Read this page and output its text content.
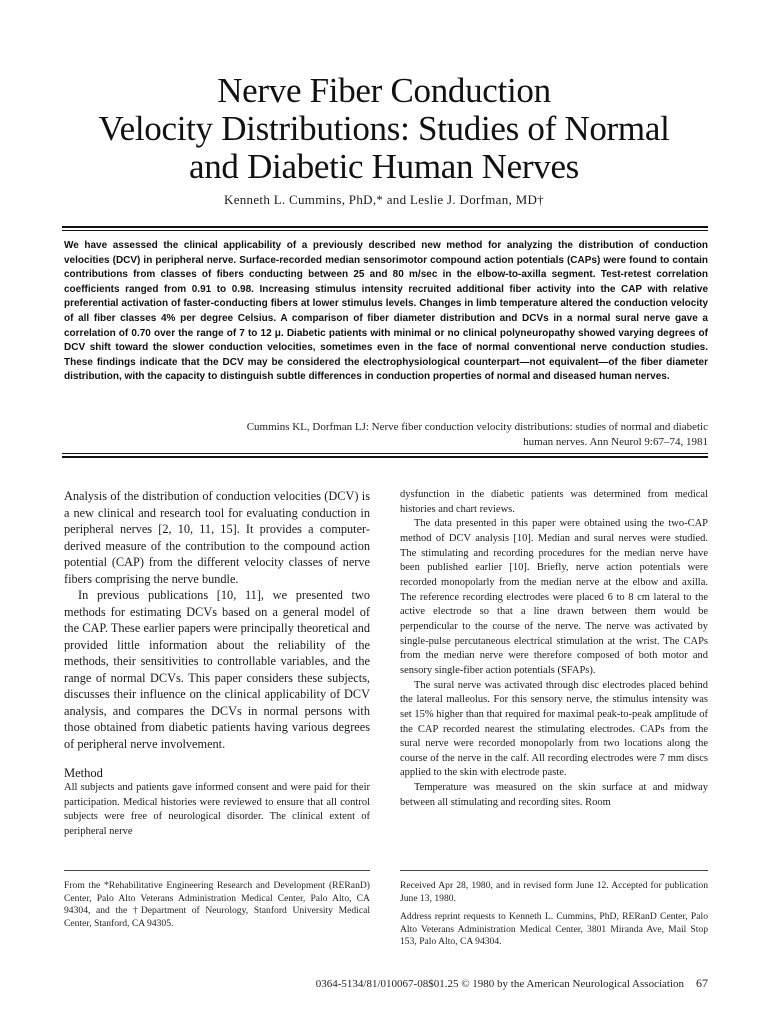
Nerve Fiber Conduction
Velocity Distributions: Studies of Normal
and Diabetic Human Nerves
Kenneth L. Cummins, PhD,* and Leslie J. Dorfman, MD†
We have assessed the clinical applicability of a previously described new method for analyzing the distribution of conduction velocities (DCV) in peripheral nerve. Surface-recorded median sensorimotor compound action potentials (CAPs) were found to contain contributions from classes of fibers conducting between 25 and 80 m/sec in the elbow-to-axilla segment. Test-retest correlation coefficients ranged from 0.91 to 0.98. Increasing stimulus intensity recruited additional fiber activity into the CAP with relative preferential activation of faster-conducting fibers at lower stimulus levels. Changes in limb temperature altered the conduction velocity of all fiber classes 4% per degree Celsius. A comparison of fiber diameter distribution and DCVs in a normal sural nerve gave a correlation of 0.70 over the range of 7 to 12 μ. Diabetic patients with minimal or no clinical polyneuropathy showed varying degrees of DCV shift toward the slower conduction velocities, sometimes even in the face of normal conventional nerve conduction studies. These findings indicate that the DCV may be considered the electrophysiological counterpart—not equivalent—of the fiber diameter distribution, with the capacity to distinguish subtle differences in conduction properties of normal and diseased human nerves.
Cummins KL, Dorfman LJ: Nerve fiber conduction velocity distributions: studies of normal and diabetic
human nerves. Ann Neurol 9:67–74, 1981

Analysis of the distribution of conduction velocities (DCV) is a new clinical and research tool for evaluating conduction in peripheral nerves [2, 10, 11, 15]. It provides a computer-derived measure of the contribution to the compound action potential (CAP) from the different velocity classes of nerve fibers comprising the nerve bundle.

In previous publications [10, 11], we presented two methods for estimating DCVs based on a general model of the CAP. These earlier papers were principally theoretical and provided little information about the reliability of the methods, their sensitivities to controllable variables, and the range of normal DCVs. This paper considers these subjects, discusses their influence on the clinical applicability of DCV analysis, and compares the DCVs in normal persons with those obtained from diabetic patients having various degrees of peripheral nerve involvement.

Method

All subjects and patients gave informed consent and were paid for their participation. Medical histories were reviewed to ensure that all control subjects were free of neurological disorder. The clinical extent of peripheral nerve

dysfunction in the diabetic patients was determined from medical histories and chart reviews.

The data presented in this paper were obtained using the two-CAP method of DCV analysis [10]. Median and sural nerves were studied. The stimulating and recording procedures for the median nerve have been published earlier [10]. Briefly, nerve action potentials were recorded monopolarly from the median nerve at the elbow and axilla. The reference recording electrodes were placed 6 to 8 cm lateral to the active electrode so that a line drawn between them would be perpendicular to the course of the nerve. The nerve was activated by single-pulse percutaneous electrical stimulation at the wrist. The CAPs from the median nerve were therefore composed of both motor and sensory single-fiber action potentials (SFAPs).

The sural nerve was activated through disc electrodes placed behind the lateral malleolus. For this sensory nerve, the stimulus intensity was set 15% higher than that required for maximal peak-to-peak amplitude of the CAP recorded nearest the stimulating electrodes. CAPs from the sural nerve were recorded monopolarly from two locations along the course of the nerve in the calf. All recording electrodes were 7 mm discs applied to the skin with electrode paste.

Temperature was measured on the skin surface at and midway between all stimulating and recording sites. Room

From the *Rehabilitative Engineering Research and Development (RERanD) Center, Palo Alto Veterans Administration Medical Center, Palo Alto, CA 94304, and the †Department of Neurology, Stanford University Medical Center, Stanford, CA 94305.

Received Apr 28, 1980, and in revised form June 12. Accepted for publication June 13, 1980.

Address reprint requests to Kenneth L. Cummins, PhD, RERanD Center, Palo Alto Veterans Administration Medical Center, 3801 Miranda Ave, Mail Stop 153, Palo Alto, CA 94304.

0364-5134/81/010067-08$01.25 © 1980 by the American Neurological Association 67
